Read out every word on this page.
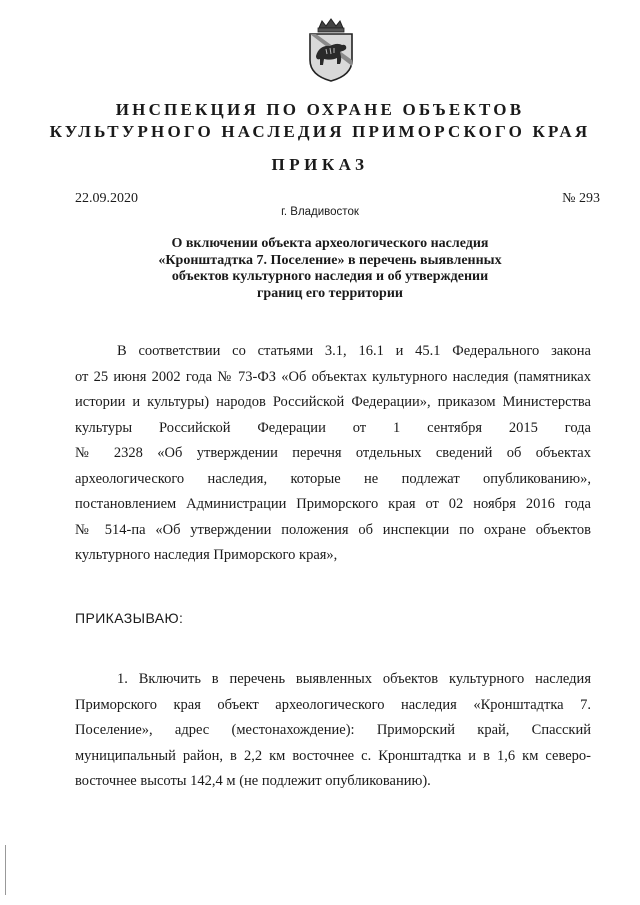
ИНСПЕКЦИЯ ПО ОХРАНЕ ОБЪЕКТОВ
КУЛЬТУРНОГО НАСЛЕДИЯ ПРИМОРСКОГО КРАЯ
ПРИКАЗ
22.09.2020	№ 293
г. Владивосток
О включении объекта археологического наследия
«Кронштадтка 7. Поселение» в перечень выявленных
объектов культурного наследия и об утверждении
границ его территории
В соответствии со статьями 3.1, 16.1 и 45.1 Федерального закона
от 25 июня 2002 года № 73-ФЗ «Об объектах культурного наследия (памятниках
истории и культуры) народов Российской Федерации», приказом Министерства
культуры Российской Федерации от 1 сентября 2015 года
№ 2328 «Об утверждении перечня отдельных сведений об объектах
археологического наследия, которые не подлежат опубликованию»,
постановлением Администрации Приморского края от 02 ноября 2016 года
№ 514-па «Об утверждении положения об инспекции по охране объектов
культурного наследия Приморского края»,
ПРИКАЗЫВАЮ:
1. Включить в перечень выявленных объектов культурного наследия
Приморского края объект археологического наследия «Кронштадтка 7.
Поселение», адрес (местонахождение): Приморский край, Спасский
муниципальный район, в 2,2 км восточнее с. Кронштадтка и в 1,6 км северо-
восточнее высоты 142,4 м (не подлежит опубликованию).
